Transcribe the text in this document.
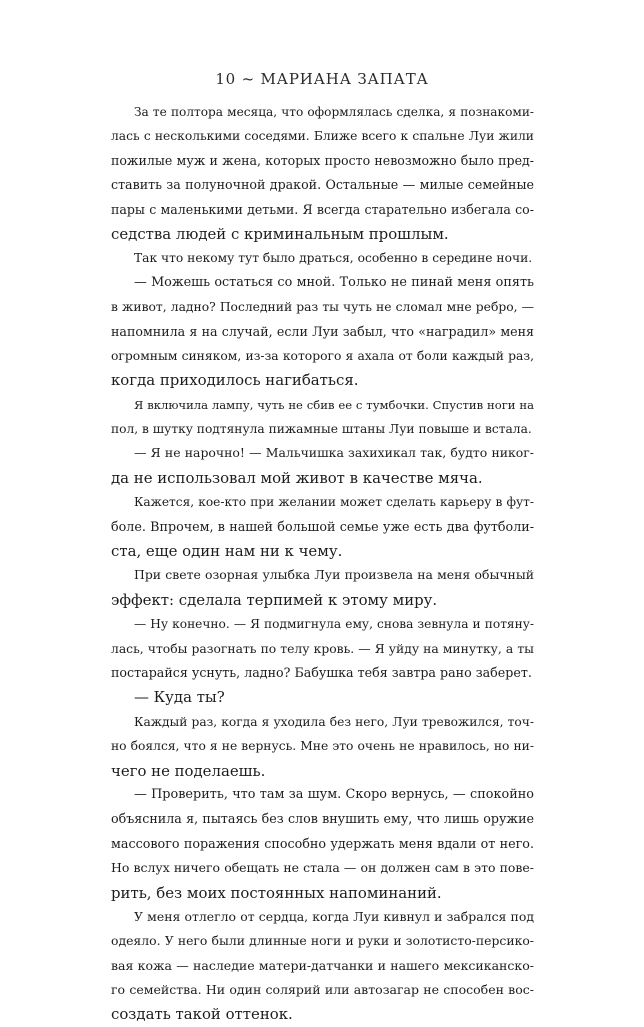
10 ~ МАРИАНА ЗАПАТА
За те полтора месяца, что оформлялась сделка, я познакоми-
лась с несколькими соседями. Ближе всего к спальне Луи жили
пожилые муж и жена, которых просто невозможно было пред-
ставить за полуночной дракой. Остальные — милые семейные
пары с маленькими детьми. Я всегда старательно избегала со-
седства людей с криминальным прошлым.
Так что некому тут было драться, особенно в середине ночи.
— Можешь остаться со мной. Только не пинай меня опять
в живот, ладно? Последний раз ты чуть не сломал мне ребро, —
напомнила я на случай, если Луи забыл, что «наградил» меня
огромным синяком, из-за которого я ахала от боли каждый раз,
когда приходилось нагибаться.
Я включила лампу, чуть не сбив ее с тумбочки. Спустив ноги на
пол, в шутку подтянула пижамные штаны Луи повыше и встала.
— Я не нарочно! — Мальчишка захихикал так, будто никог-
да не использовал мой живот в качестве мяча.
Кажется, кое-кто при желании может сделать карьеру в фут-
боле. Впрочем, в нашей большой семье уже есть два футболи-
ста, еще один нам ни к чему.
При свете озорная улыбка Луи произвела на меня обычный
эффект: сделала терпимей к этому миру.
— Ну конечно. — Я подмигнула ему, снова зевнула и потяну-
лась, чтобы разогнать по телу кровь. — Я уйду на минутку, а ты
постарайся уснуть, ладно? Бабушка тебя завтра рано заберет.
— Куда ты?
Каждый раз, когда я уходила без него, Луи тревожился, точ-
но боялся, что я не вернусь. Мне это очень не нравилось, но ни-
чего не поделаешь.
— Проверить, что там за шум. Скоро вернусь, — спокойно
объяснила я, пытаясь без слов внушить ему, что лишь оружие
массового поражения способно удержать меня вдали от него.
Но вслух ничего обещать не стала — он должен сам в это пове-
рить, без моих постоянных напоминаний.
У меня отлегло от сердца, когда Луи кивнул и забрался под
одеяло. У него были длинные ноги и руки и золотисто-персико-
вая кожа — наследие матери-датчанки и нашего мексиканско-
го семейства. Ни один солярий или автозагар не способен вос-
создать такой оттенок.
